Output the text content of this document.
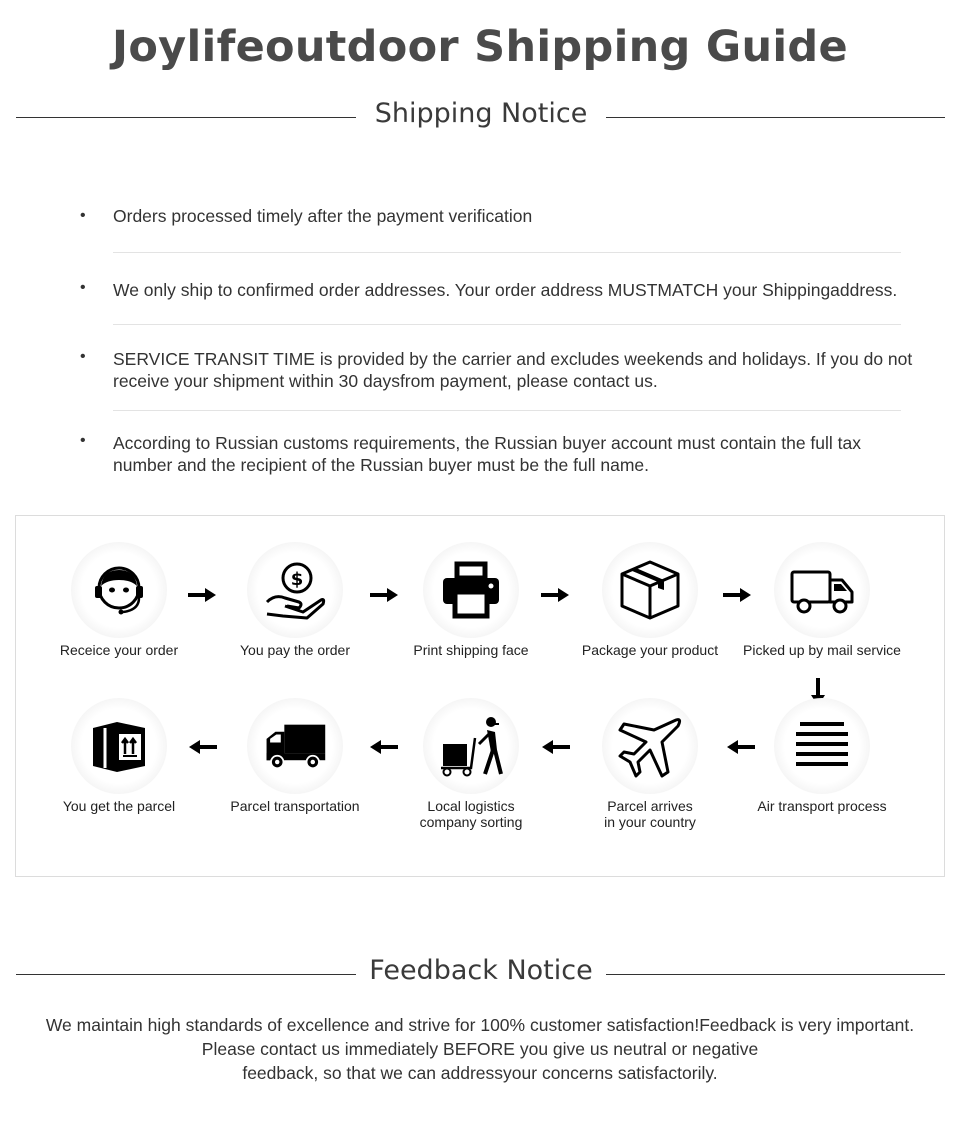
Joylifeoutdoor Shipping Guide
Shipping Notice
• Orders processed timely after the payment verification
• We only ship to confirmed order addresses. Your order address MUSTMATCH your Shippingaddress.
• SERVICE TRANSIT TIME is provided by the carrier and excludes weekends and holidays. If you do not receive your shipment within 30 daysfrom payment, please contact us.
• According to Russian customs requirements, the Russian buyer account must contain the full tax number and the recipient of the Russian buyer must be the full name.
Receice your order
$
You pay the order	Print shipping face	Package your product	Picked up by mail service
You get the parcel	Parcel transportation	Local logistics
company sorting
Parcel arrives
in your country
Air transport process
Feedback Notice
We maintain high standards of excellence and strive for 100% customer satisfaction!Feedback is very important.
Please contact us immediately BEFORE you give us neutral or negative
feedback, so that we can addressyour concerns satisfactorily.
